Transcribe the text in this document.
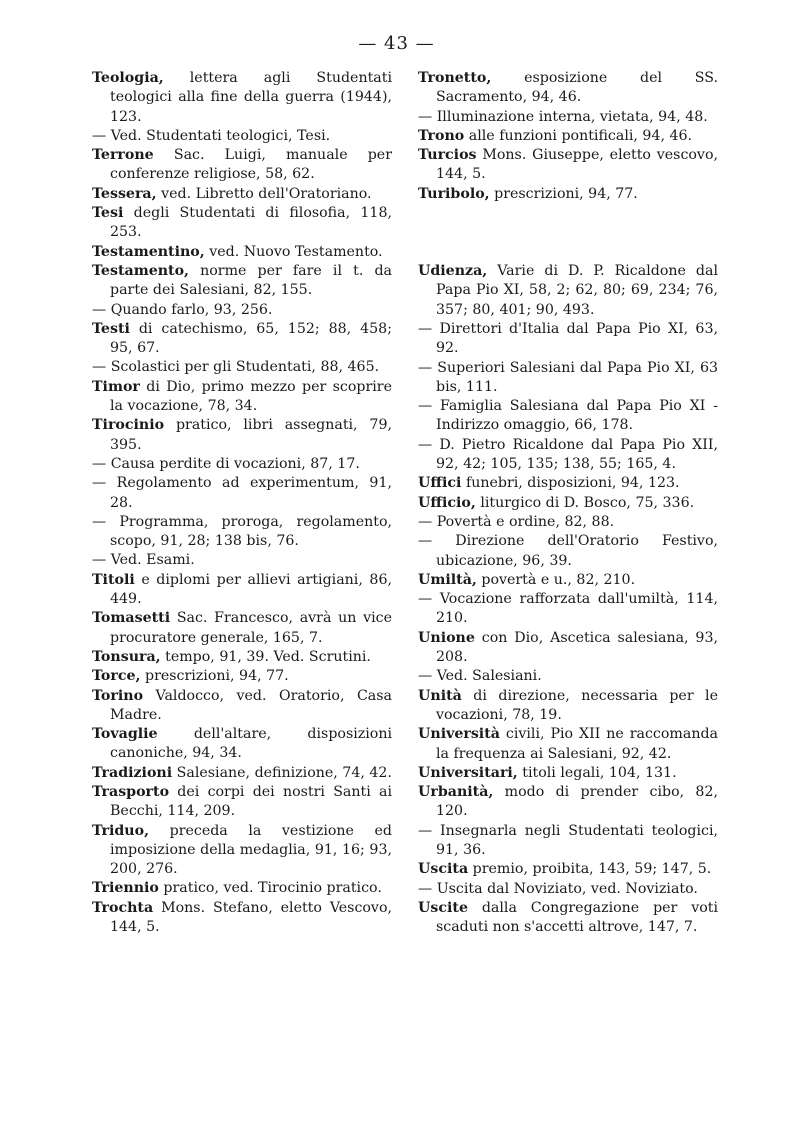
— 43 —

Teologia, lettera agli Studentati teologici alla fine della guerra (1944), 123.

— Ved. Studentati teologici, Tesi.

Terrone Sac. Luigi, manuale per conferenze religiose, 58, 62.

Tessera, ved. Libretto dell'Oratoriano.

Tesi degli Studentati di filosofia, 118, 253.

Testamentino, ved. Nuovo Testamento.

Testamento, norme per fare il t. da parte dei Salesiani, 82, 155.

— Quando farlo, 93, 256.

Testi di catechismo, 65, 152; 88, 458; 95, 67.

— Scolastici per gli Studentati, 88, 465.

Timor di Dio, primo mezzo per scoprire la vocazione, 78, 34.

Tirocinio pratico, libri assegnati, 79, 395.

— Causa perdite di vocazioni, 87, 17.

— Regolamento ad experimentum, 91, 28.

— Programma, proroga, regolamento, scopo, 91, 28; 138 bis, 76.

— Ved. Esami.

Titoli e diplomi per allievi artigiani, 86, 449.

Tomasetti Sac. Francesco, avrà un vice procuratore generale, 165, 7.

Tonsura, tempo, 91, 39. Ved. Scrutini.

Torce, prescrizioni, 94, 77.

Torino Valdocco, ved. Oratorio, Casa Madre.

Tovaglie dell'altare, disposizioni canoniche, 94, 34.

Tradizioni Salesiane, definizione, 74, 42.

Trasporto dei corpi dei nostri Santi ai Becchi, 114, 209.

Triduo, preceda la vestizione ed imposizione della medaglia, 91, 16; 93, 200, 276.

Triennio pratico, ved. Tirocinio pratico.

Trochta Mons. Stefano, eletto Vescovo, 144, 5.

Tronetto, esposizione del SS. Sacramento, 94, 46.

— Illuminazione interna, vietata, 94, 48.

Trono alle funzioni pontificali, 94, 46.

Turcios Mons. Giuseppe, eletto vescovo, 144, 5.

Turibolo, prescrizioni, 94, 77.

Udienza, Varie di D. P. Ricaldone dal Papa Pio XI, 58, 2; 62, 80; 69, 234; 76, 357; 80, 401; 90, 493.

— Direttori d'Italia dal Papa Pio XI, 63, 92.

— Superiori Salesiani dal Papa Pio XI, 63 bis, 111.

— Famiglia Salesiana dal Papa Pio XI - Indirizzo omaggio, 66, 178.

— D. Pietro Ricaldone dal Papa Pio XII, 92, 42; 105, 135; 138, 55; 165, 4.

Uffici funebri, disposizioni, 94, 123.

Ufficio, liturgico di D. Bosco, 75, 336.

— Povertà e ordine, 82, 88.

— Direzione dell'Oratorio Festivo, ubicazione, 96, 39.

Umiltà, povertà e u., 82, 210.

— Vocazione rafforzata dall'umiltà, 114, 210.

Unione con Dio, Ascetica salesiana, 93, 208.

— Ved. Salesiani.

Unità di direzione, necessaria per le vocazioni, 78, 19.

Università civili, Pio XII ne raccomanda la frequenza ai Salesiani, 92, 42.

Universitari, titoli legali, 104, 131.

Urbanità, modo di prender cibo, 82, 120.

— Insegnarla negli Studentati teologici, 91, 36.

Uscita premio, proibita, 143, 59; 147, 5.

— Uscita dal Noviziato, ved. Noviziato.

Uscite dalla Congregazione per voti scaduti non s'accetti altrove, 147, 7.
